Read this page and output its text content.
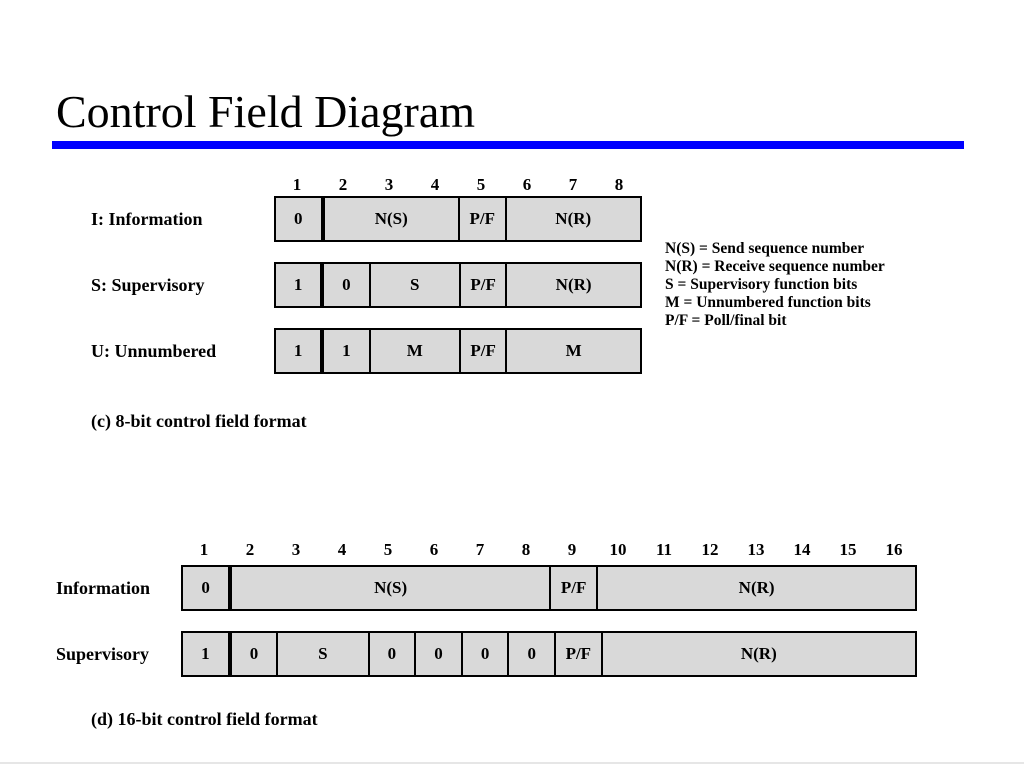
Control Field Diagram
1 2 3 4 5 6 7 8
I: Information	0	N(S)	P/F	N(R)
S: Supervisory	1	0	S	P/F	N(R)
U: Unnumbered	1	1	M	P/F	M
(c) 8-bit control field format
N(S) = Send sequence number
N(R) = Receive sequence number
S = Supervisory function bits
M = Unnumbered function bits
P/F = Poll/final bit
1 2 3 4 5 6 7 8 9 10 11 12 13 14 15 16
Information	0	N(S)	P/F	N(R)
Supervisory	1	0	S	0	0	0	0	P/F	N(R)
(d) 16-bit control field format
